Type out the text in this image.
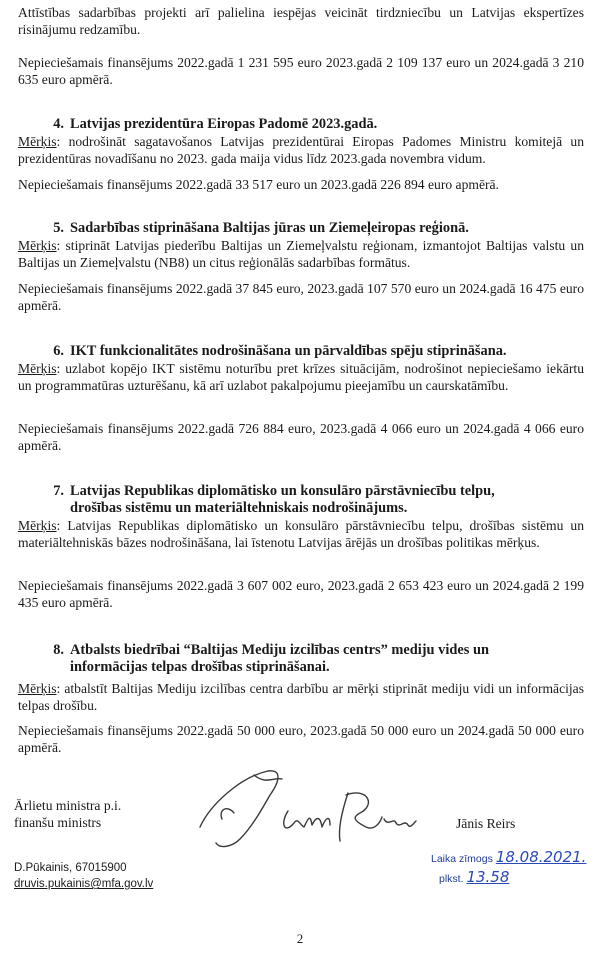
Attīstības sadarbības projekti arī palielina iespējas veicināt tirdzniecību un Latvijas ekspertīzes risinājumu redzamību.

Nepieciešamais finansējums 2022.gadā 1 231 595 euro 2023.gadā 2 109 137 euro un 2024.gadā 3 210 635 euro apmērā.

4. Latvijas prezidentūra Eiropas Padomē 2023.gadā.

Mērķis: nodrošināt sagatavošanos Latvijas prezidentūrai Eiropas Padomes Ministru komitejā un prezidentūras novadīšanu no 2023. gada maija vidus līdz 2023.gada novembra vidum.

Nepieciešamais finansējums 2022.gadā 33 517 euro un 2023.gadā 226 894 euro apmērā.

5. Sadarbības stiprināšana Baltijas jūras un Ziemeļeiropas reģionā.

Mērķis: stiprināt Latvijas piederību Baltijas un Ziemeļvalstu reģionam, izmantojot Baltijas valstu un Baltijas un Ziemeļvalstu (NB8) un citus reģionālās sadarbības formātus.

Nepieciešamais finansējums 2022.gadā 37 845 euro, 2023.gadā 107 570 euro un 2024.gadā 16 475 euro apmērā.

6. IKT funkcionalitātes nodrošināšana un pārvaldības spēju stiprināšana.

Mērķis: uzlabot kopējo IKT sistēmu noturību pret krīzes situācijām, nodrošinot nepieciešamo iekārtu un programmatūras uzturēšanu, kā arī uzlabot pakalpojumu pieejamību un caurskatāmību.

Nepieciešamais finansējums 2022.gadā 726 884 euro, 2023.gadā 4 066 euro un 2024.gadā 4 066 euro apmērā.

7. Latvijas Republikas diplomātisko un konsulāro pārstāvniecību telpu,
drošības sistēmu un materiāltehniskais nodrošinājums.

Mērķis: Latvijas Republikas diplomātisko un konsulāro pārstāvniecību telpu, drošības sistēmu un materiāltehniskās bāzes nodrošināšana, lai īstenotu Latvijas ārējās un drošības politikas mērķus.

Nepieciešamais finansējums 2022.gadā 3 607 002 euro, 2023.gadā 2 653 423 euro un 2024.gadā 2 199 435 euro apmērā.

8. Atbalsts biedrībai “Baltijas Mediju izcilības centrs” mediju vides un
informācijas telpas drošības stiprināšanai.

Mērķis: atbalstīt Baltijas Mediju izcilības centra darbību ar mērķi stiprināt mediju vidi un informācijas telpas drošību.

Nepieciešamais finansējums 2022.gadā 50 000 euro, 2023.gadā 50 000 euro un 2024.gadā 50 000 euro apmērā.

Ārlietu ministra p.i.
finanšu ministrs	Jānis Reirs
D.Pūkainis, 67015900
druvis.pukainis@mfa.gov.lv
Laika zīmogs 18.08.2021.
plkst. 13.58
2
